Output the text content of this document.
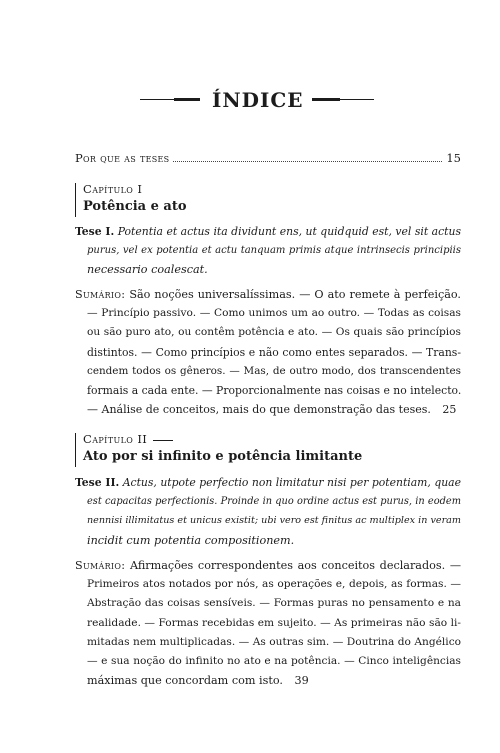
ÍNDICE
Por que as teses	15
Capítulo I
Potência e ato
Tese I. Potentia et actus ita dividunt ens, ut quidquid est, vel sit actus
purus, vel ex potentia et actu tanquam primis atque intrinsecis principiis
necessario coalescat.
Sumário: São noções universalíssimas. — O ato remete à perfeição.
— Princípio passivo. — Como unimos um ao outro. — Todas as coisas
ou são puro ato, ou contêm potência e ato. — Os quais são princípios
distintos. — Como princípios e não como entes separados. — Trans-
cendem todos os gêneros. — Mas, de outro modo, dos transcendentes
formais a cada ente. — Proporcionalmente nas coisas e no intelecto.
— Análise de conceitos, mais do que demonstração das teses. 25
Capítulo II
Ato por si infinito e potência limitante
Tese II. Actus, utpote perfectio non limitatur nisi per potentiam, quae
est capacitas perfectionis. Proinde in quo ordine actus est purus, in eodem
nennisi illimitatus et unicus existit; ubi vero est finitus ac multiplex in veram
incidit cum potentia compositionem.
Sumário: Afirmações correspondentes aos conceitos declarados. —
Primeiros atos notados por nós, as operações e, depois, as formas. —
Abstração das coisas sensíveis. — Formas puras no pensamento e na
realidade. — Formas recebidas em sujeito. — As primeiras não são li-
mitadas nem multiplicadas. — As outras sim. — Doutrina do Angélico
— e sua noção do infinito no ato e na potência. — Cinco inteligências
máximas que concordam com isto. 39
